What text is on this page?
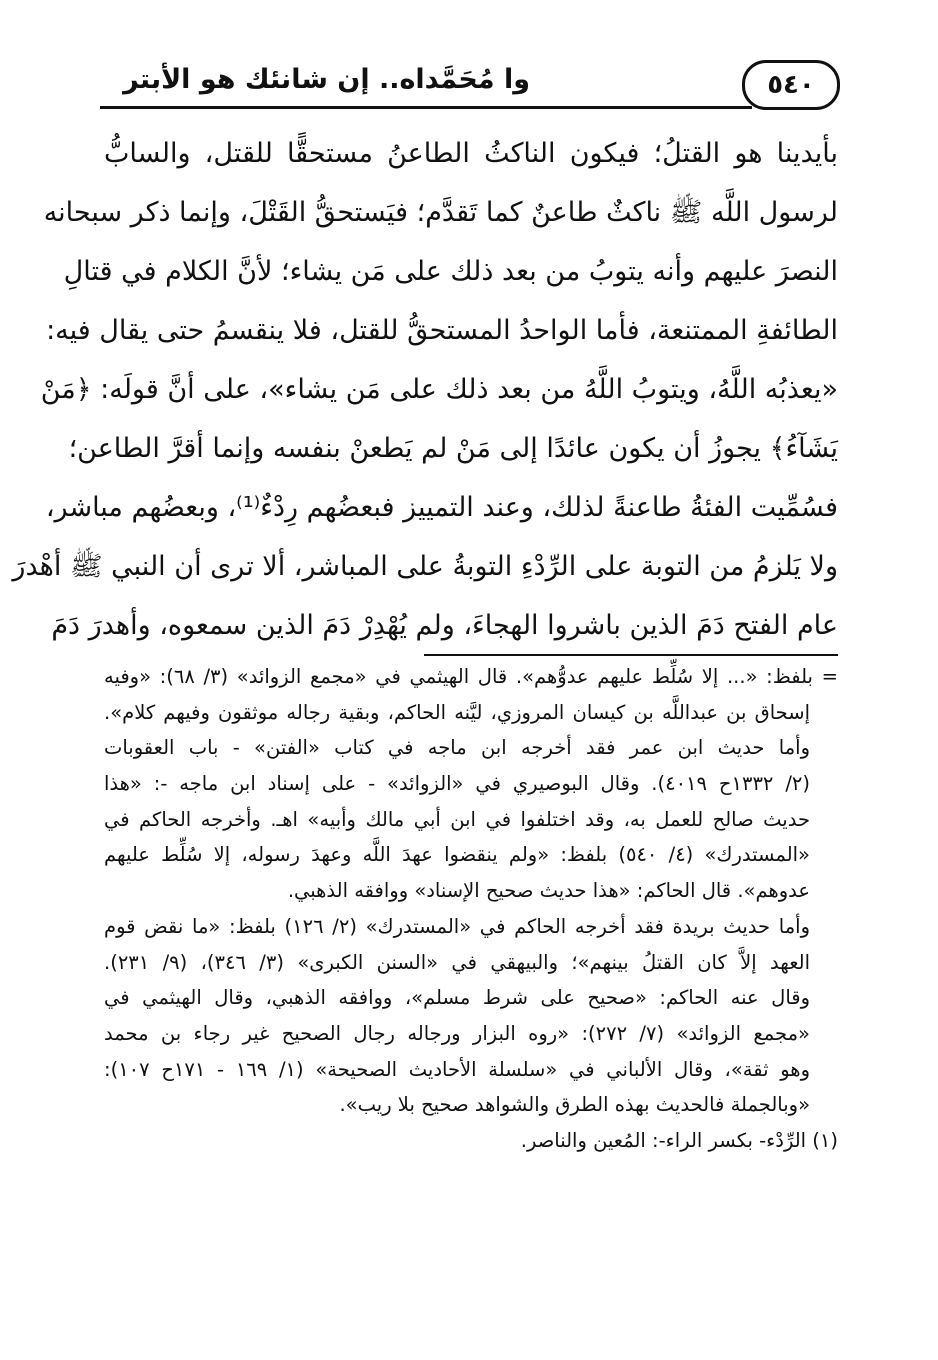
وا مُحَمَّداه.. إن شانئك هو الأبتر	٥٤٠
بأيدينا هو القتلُ؛ فيكون الناكثُ الطاعنُ مستحقًّا للقتل، والسابُّ
لرسول اللَّه ﷺ ناكثٌ طاعنٌ كما تَقدَّم؛ فيَستحقُّ القَتْلَ، وإنما ذكر سبحانه
النصرَ عليهم وأنه يتوبُ من بعد ذلك على مَن يشاء؛ لأنَّ الكلام في قتالِ
الطائفةِ الممتنعة، فأما الواحدُ المستحقُّ للقتل، فلا ينقسمُ حتى يقال فيه:
«يعذبُه اللَّهُ، ويتوبُ اللَّهُ من بعد ذلك على مَن يشاء»، على أنَّ قولَه: ﴿مَنْ
يَشَآءُ﴾ يجوزُ أن يكون عائدًا إلى مَنْ لم يَطعنْ بنفسه وإنما أقرَّ الطاعن؛
فسُمِّيت الفئةُ طاعنةً لذلك، وعند التمييز فبعضُهم رِدْءٌ⁽¹⁾، وبعضُهم مباشر،
ولا يَلزمُ من التوبة على الرِّدْءِ التوبةُ على المباشر، ألا ترى أن النبي ﷺ أهْدرَ
عام الفتح دَمَ الذين باشروا الهجاءَ، ولم يُهْدِرْ دَمَ الذين سمعوه، وأهدرَ دَمَ
= بلفظ: «... إلا سُلِّط عليهم عدوُّهم». قال الهيثمي في «مجمع الزوائد» (٣/ ٦٨): «وفيه
إسحاق بن عبداللَّه بن كيسان المروزي، ليَّنه الحاكم، وبقية رجاله موثقون وفيهم كلام».
وأما حديث ابن عمر فقد أخرجه ابن ماجه في كتاب «الفتن» - باب العقوبات
(٢/ ١٣٣٢ح ٤٠١٩). وقال البوصيري في «الزوائد» - على إسناد ابن ماجه -: «هذا
حديث صالح للعمل به، وقد اختلفوا في ابن أبي مالك وأبيه» اهـ. وأخرجه الحاكم في
«المستدرك» (٤/ ٥٤٠) بلفظ: «ولم ينقضوا عهدَ اللَّه وعهدَ رسوله، إلا سُلِّط عليهم
عدوهم». قال الحاكم: «هذا حديث صحيح الإسناد» ووافقه الذهبي.
وأما حديث بريدة فقد أخرجه الحاكم في «المستدرك» (٢/ ١٢٦) بلفظ: «ما نقض قوم
العهد إلاَّ كان القتلُ بينهم»؛ والبيهقي في «السنن الكبرى» (٣/ ٣٤٦)، (٩/ ٢٣١).
وقال عنه الحاكم: «صحيح على شرط مسلم»، ووافقه الذهبي، وقال الهيثمي في
«مجمع الزوائد» (٧/ ٢٧٢): «روه البزار ورجاله رجال الصحيح غير رجاء بن محمد
وهو ثقة»، وقال الألباني في «سلسلة الأحاديث الصحيحة» (١/ ١٦٩ - ١٧١ح ١٠٧):
«وبالجملة فالحديث بهذه الطرق والشواهد صحيح بلا ريب».
(١) الرِّدْء- بكسر الراء-: المُعين والناصر.
